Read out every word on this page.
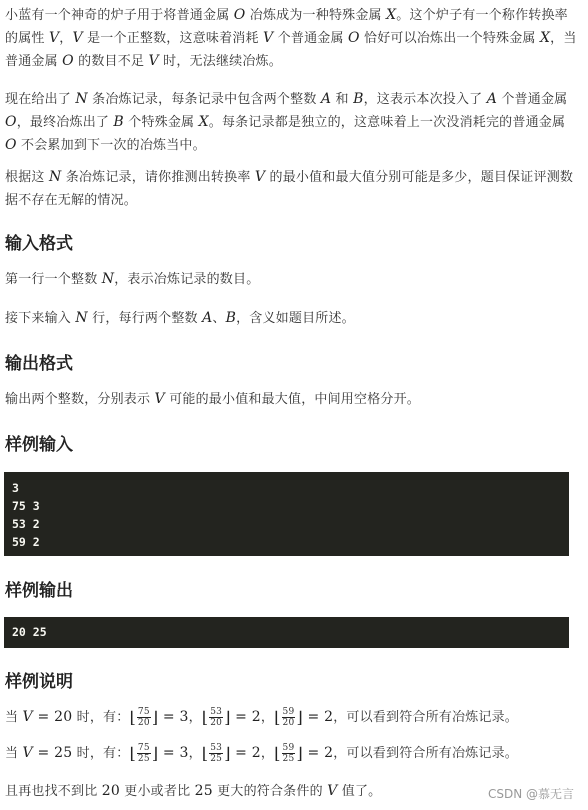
小蓝有一个神奇的炉子用于将普通金属 O 冶炼成为一种特殊金属 X。这个炉子有一个称作转换率的属性 V，V 是一个正整数，这意味着消耗 V 个普通金属 O 恰好可以冶炼出一个特殊金属 X，当普通金属 O 的数目不足 V 时，无法继续冶炼。

现在给出了 N 条冶炼记录，每条记录中包含两个整数 A 和 B，这表示本次投入了 A 个普通金属 O，最终冶炼出了 B 个特殊金属 X。每条记录都是独立的，这意味着上一次没消耗完的普通金属 O 不会累加到下一次的冶炼当中。

根据这 N 条冶炼记录，请你推测出转换率 V 的最小值和最大值分别可能是多少，题目保证评测数据不存在无解的情况。

输入格式

第一行一个整数 N，表示冶炼记录的数目。

接下来输入 N 行，每行两个整数 A、B，含义如题目所述。

输出格式

输出两个整数，分别表示 V 可能的最小值和最大值，中间用空格分开。

样例输入
3
75 3
53 2
59 2
样例输出
20 25
样例说明

当 V = 20 时，有：⌊ $\frac{75}{20}$ ⌋ = 3，⌊ $\frac{53}{20}$ ⌋ = 2，⌊ $\frac{59}{20}$ ⌋ = 2，可以看到符合所有冶炼记录。

当 V = 25 时，有：⌊ $\frac{75}{25}$ ⌋ = 3，⌊ $\frac{53}{25}$ ⌋ = 2，⌊ $\frac{59}{25}$ ⌋ = 2，可以看到符合所有冶炼记录。

且再也找不到比 20 更小或者比 25 更大的符合条件的 V 值了。	CSDN @慕无言
